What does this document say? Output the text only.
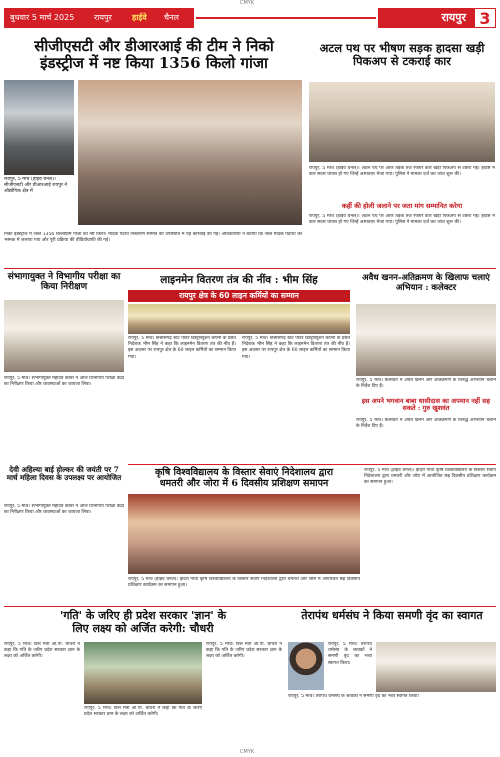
CMYK
बुधवार 5 मार्च 2025 रायपुर	हाईवे चैनल	रायपुर 3
सीजीएसटी और डीआरआई की टीम ने निको
इंडस्ट्रीज में नष्ट किया 1356 किलो गांजा
रायपुर, 5 मार्च (हाईवे चैनल)। सीजीएसटी और डीआरआई रायपुर ने औद्योगिक क्षेत्र में
निको इंडस्ट्रीज में जब्त 1356 किलोग्राम गांजा को नष्ट किया। मादक पदार्थ निस्तारण समिति की उपस्थिति में यह कार्रवाई की गई। अधिकारियों ने बताया कि जब्त मादक पदार्थों को भस्मक में जलाया गया और पूरी प्रक्रिया की वीडियोग्राफी की गई।
अटल पथ पर भीषण सड़क हादसा खड़ी पिकअप से टकराई कार
रायपुर, 5 मार्च (हाईवे चैनल)। अटल पथ पर आज तड़के तेज रफ्तार कार खड़ी पिकअप से टकरा गई। हादसे में कार सवार घायल हो गए जिन्हें अस्पताल भेजा गया। पुलिस ने मामला दर्ज कर जांच शुरू की।
कहीं की होली जलाने पर जता मांग सम्मानित करेगा
रायपुर, 5 मार्च (हाईवे चैनल)। अटल पथ पर आज तड़के तेज रफ्तार कार खड़ी पिकअप से टकरा गई। हादसे में कार सवार घायल हो गए जिन्हें अस्पताल भेजा गया। पुलिस ने मामला दर्ज कर जांच शुरू की।
संभागायुक्त ने विभागीय परीक्षा का किया निरीक्षण
रायपुर, 5 मार्च। संभागायुक्त महादेव कावरे ने आज विभागीय परीक्षा केंद्रों का निरीक्षण किया और व्यवस्थाओं का जायजा लिया।
लाइनमेन वितरण तंत्र की नींव : भीम सिंह
रायपुर क्षेत्र के 60 लाइन कर्मियों का सम्मान
रायपुर, 5 मार्च। छत्तीसगढ़ स्टेट पॉवर डिस्ट्रीब्यूशन कंपनी के प्रबंध निदेशक भीम सिंह ने कहा कि लाइनमेन वितरण तंत्र की नींव हैं। इस अवसर पर रायपुर क्षेत्र के 60 लाइन कर्मियों का सम्मान किया गया।
रायपुर, 5 मार्च। छत्तीसगढ़ स्टेट पॉवर डिस्ट्रीब्यूशन कंपनी के प्रबंध निदेशक भीम सिंह ने कहा कि लाइनमेन वितरण तंत्र की नींव हैं। इस अवसर पर रायपुर क्षेत्र के 60 लाइन कर्मियों का सम्मान किया गया।
अवैध खनन-अतिक्रमण के खिलाफ चलाएं अभियान : कलेक्टर
रायपुर, 5 मार्च। कलेक्टर ने अवैध खनन और अतिक्रमण के विरुद्ध अभियान चलाने के निर्देश दिए हैं।
इस अपने भगवान बाबा धासीदास का अपमान नहीं सह सकते : गुरु खुशवंत
रायपुर, 5 मार्च। कलेक्टर ने अवैध खनन और अतिक्रमण के विरुद्ध अभियान चलाने के निर्देश दिए हैं।
कृषि विश्वविद्यालय के विस्तार सेवाएं निदेशालय द्वारा
धमतरी और जोरा में 6 दिवसीय प्रशिक्षण समापन
रायपुर, 5 मार्च (हाईवे चैनल)। इंदिरा गांधी कृषि विश्वविद्यालय के विस्तार सेवाएं निदेशालय द्वारा धमतरी और जोरा में आयोजित छह दिवसीय प्रशिक्षण कार्यक्रम का समापन हुआ।
रायपुर, 5 मार्च (हाईवे चैनल)। इंदिरा गांधी कृषि विश्वविद्यालय के विस्तार सेवाएं निदेशालय द्वारा धमतरी और जोरा में आयोजित छह दिवसीय प्रशिक्षण कार्यक्रम का समापन हुआ।
देवी अहिल्या बाई होल्कर की जयंती पर 7 मार्च महिला दिवस के उपलक्ष्य पर आयोजित
रायपुर, 5 मार्च। संभागायुक्त महादेव कावरे ने आज विभागीय परीक्षा केंद्रों का निरीक्षण किया और व्यवस्थाओं का जायजा लिया।
'गति' के जरिए ही प्रदेश सरकार 'ज्ञान' के
लिए लक्ष्य को अर्जित करेगी: चौधरी
रायपुर, 5 मार्च। वित्त मंत्री ओ.पी. चौधरी ने कहा कि गति के जरिए प्रदेश सरकार ज्ञान के लक्ष्य को अर्जित करेगी।
रायपुर, 5 मार्च। वित्त मंत्री ओ.पी. चौधरी ने कहा कि गति के जरिए प्रदेश सरकार ज्ञान के लक्ष्य को अर्जित करेगी।
रायपुर, 5 मार्च। वित्त मंत्री ओ.पी. चौधरी ने कहा कि गति के जरिए प्रदेश सरकार ज्ञान के लक्ष्य को अर्जित करेगी।
तेरापंथ धर्मसंघ ने किया समणी वृंद का स्वागत
रायपुर, 5 मार्च। तेरापंथ धर्मसंघ के श्रावकों ने समणी वृंद का भव्य स्वागत किया।
रायपुर, 5 मार्च। तेरापंथ धर्मसंघ के श्रावकों ने समणी वृंद का भव्य स्वागत किया।
CMYK
